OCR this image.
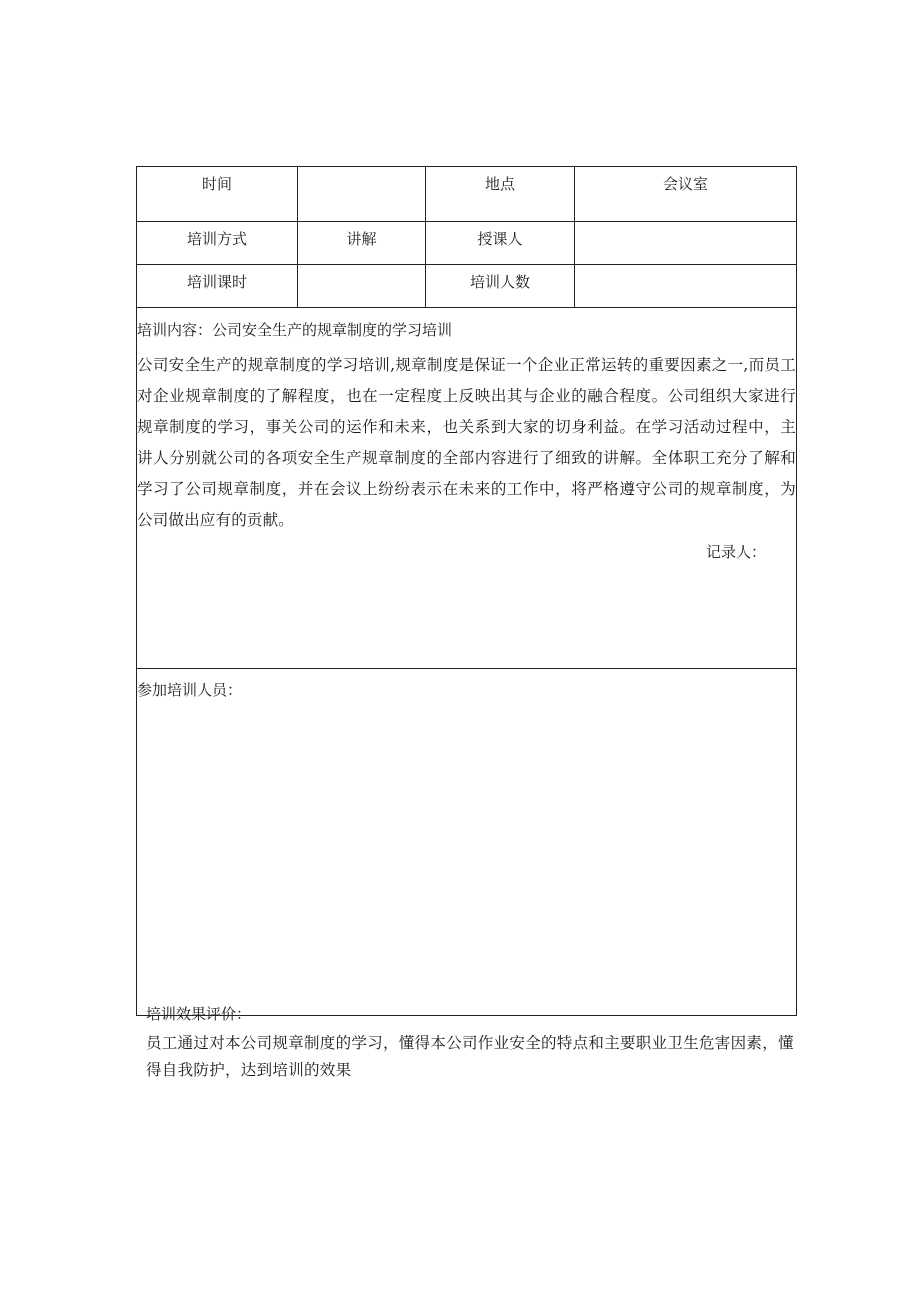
时间		地点	会议室
培训方式	讲解	授课人	
培训课时		培训人数	

培训内容：公司安全生产的规章制度的学习培训

公司安全生产的规章制度的学习培训,规章制度是保证一个企业正常运转的重要因素之一,而员工对企业规章制度的了解程度，也在一定程度上反映出其与企业的融合程度。公司组织大家进行规章制度的学习，事关公司的运作和未来，也关系到大家的切身利益。在学习活动过程中，主讲人分别就公司的各项安全生产规章制度的全部内容进行了细致的讲解。全体职工充分了解和学习了公司规章制度，并在会议上纷纷表示在未来的工作中，将严格遵守公司的规章制度，为公司做出应有的贡献。

记录人：			

参加培训人员：			

培训效果评价：

员工通过对本公司规章制度的学习，懂得本公司作业安全的特点和主要职业卫生危害因素，懂得自我防护，达到培训的效果
